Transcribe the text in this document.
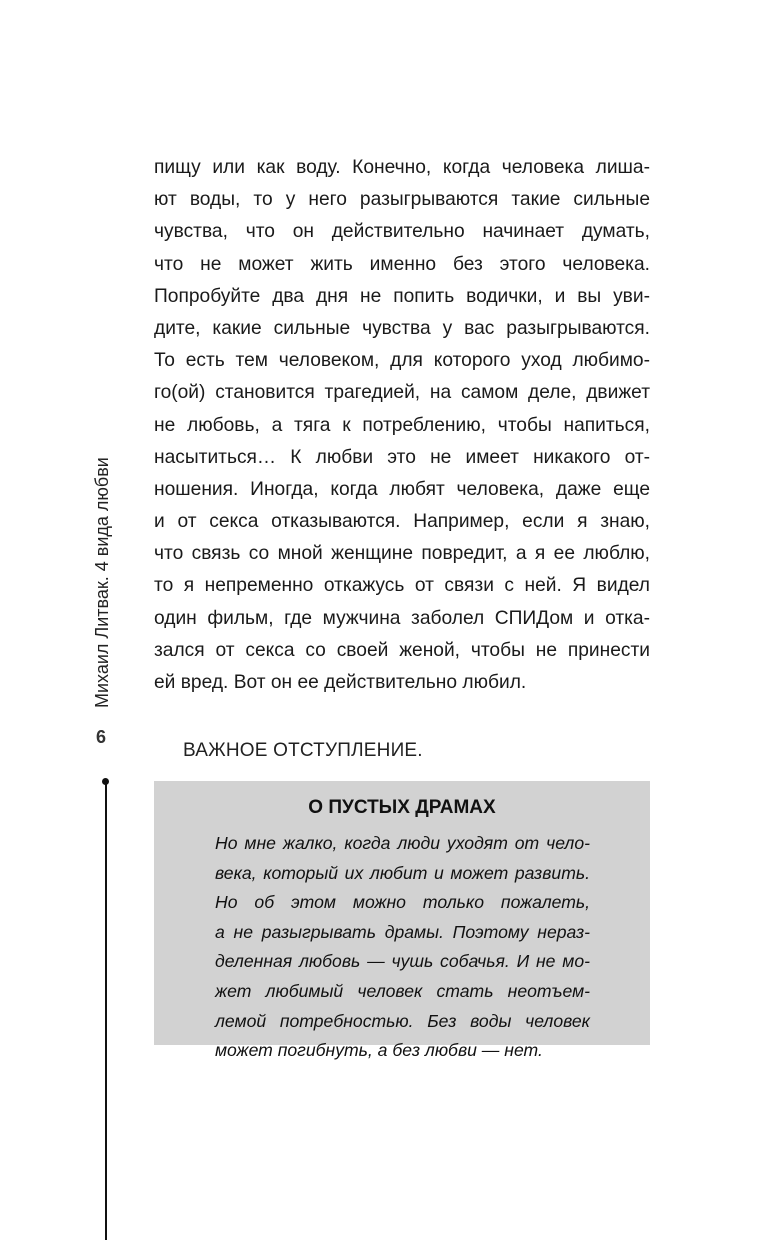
Михаил Литвак. 4 вида любви
6
пищу или как воду. Конечно, когда человека лиша-
ют воды, то у него разыгрываются такие сильные
чувства, что он действительно начинает думать,
что не может жить именно без этого человека.
Попробуйте два дня не попить водички, и вы уви-
дите, какие сильные чувства у вас разыгрываются.
То есть тем человеком, для которого уход любимо-
го(ой) становится трагедией, на самом деле, движет
не любовь, а тяга к потреблению, чтобы напиться,
насытиться… К любви это не имеет никакого от-
ношения. Иногда, когда любят человека, даже еще
и от секса отказываются. Например, если я знаю,
что связь со мной женщине повредит, а я ее люблю,
то я непременно откажусь от связи с ней. Я видел
один фильм, где мужчина заболел СПИДом и отка-
зался от секса со своей женой, чтобы не принести
ей вред. Вот он ее действительно любил.
ВАЖНОЕ ОТСТУПЛЕНИЕ.
О ПУСТЫХ ДРАМАХ
Но мне жалко, когда люди уходят от чело-
века, который их любит и может развить.
Но об этом можно только пожалеть,
а не разыгрывать драмы. Поэтому нераз-
деленная любовь — чушь собачья. И не мо-
жет любимый человек стать неотъем-
лемой потребностью. Без воды человек
может погибнуть, а без любви — нет.
